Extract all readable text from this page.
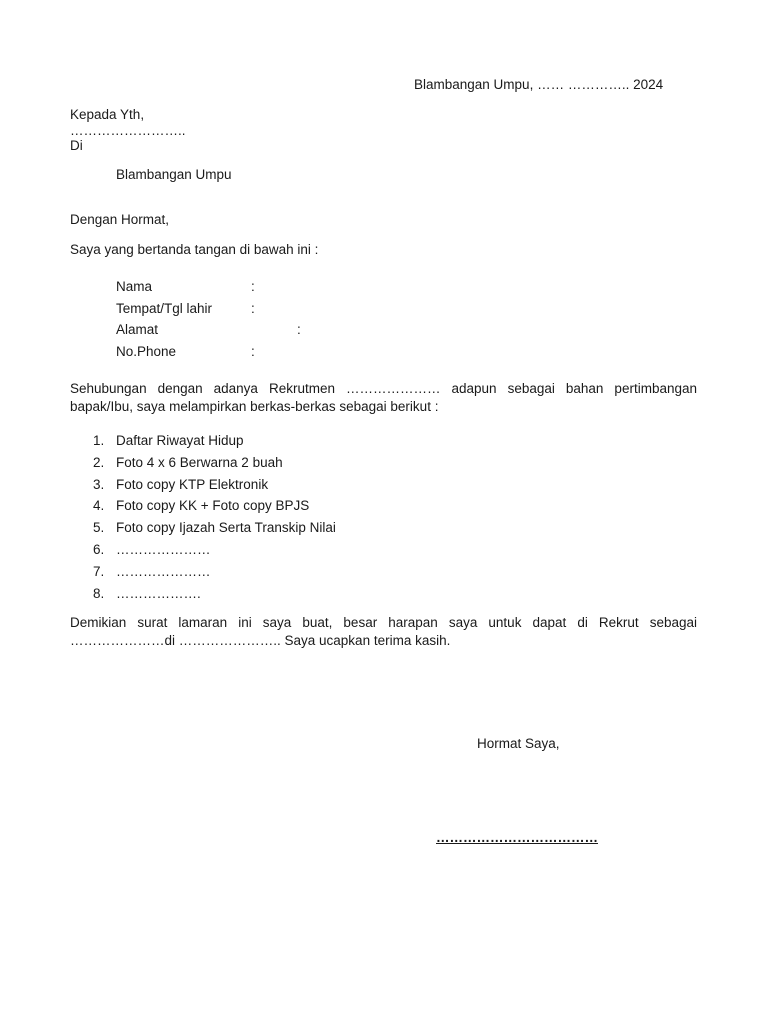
Blambangan Umpu, …… ………….. 2024
Kepada Yth,
……………………..
Di
Blambangan Umpu
Dengan Hormat,
Saya yang bertanda tangan di bawah ini :
Nama	:
Tempat/Tgl lahir	:
Alamat	:
No.Phone	:
Sehubungan dengan adanya Rekrutmen ………………… adapun sebagai bahan pertimbangan bapak/Ibu, saya melampirkan berkas-berkas sebagai berikut :
1. Daftar Riwayat Hidup
2. Foto 4 x 6 Berwarna 2 buah
3. Foto copy KTP Elektronik
4. Foto copy KK + Foto copy BPJS
5. Foto copy Ijazah Serta Transkip Nilai
6. …………………
7. …………………
8. ……………….
Demikian surat lamaran ini saya buat, besar harapan saya untuk dapat di Rekrut sebagai …………………di ………………….. Saya ucapkan terima kasih.
Hormat Saya,
………………………………
